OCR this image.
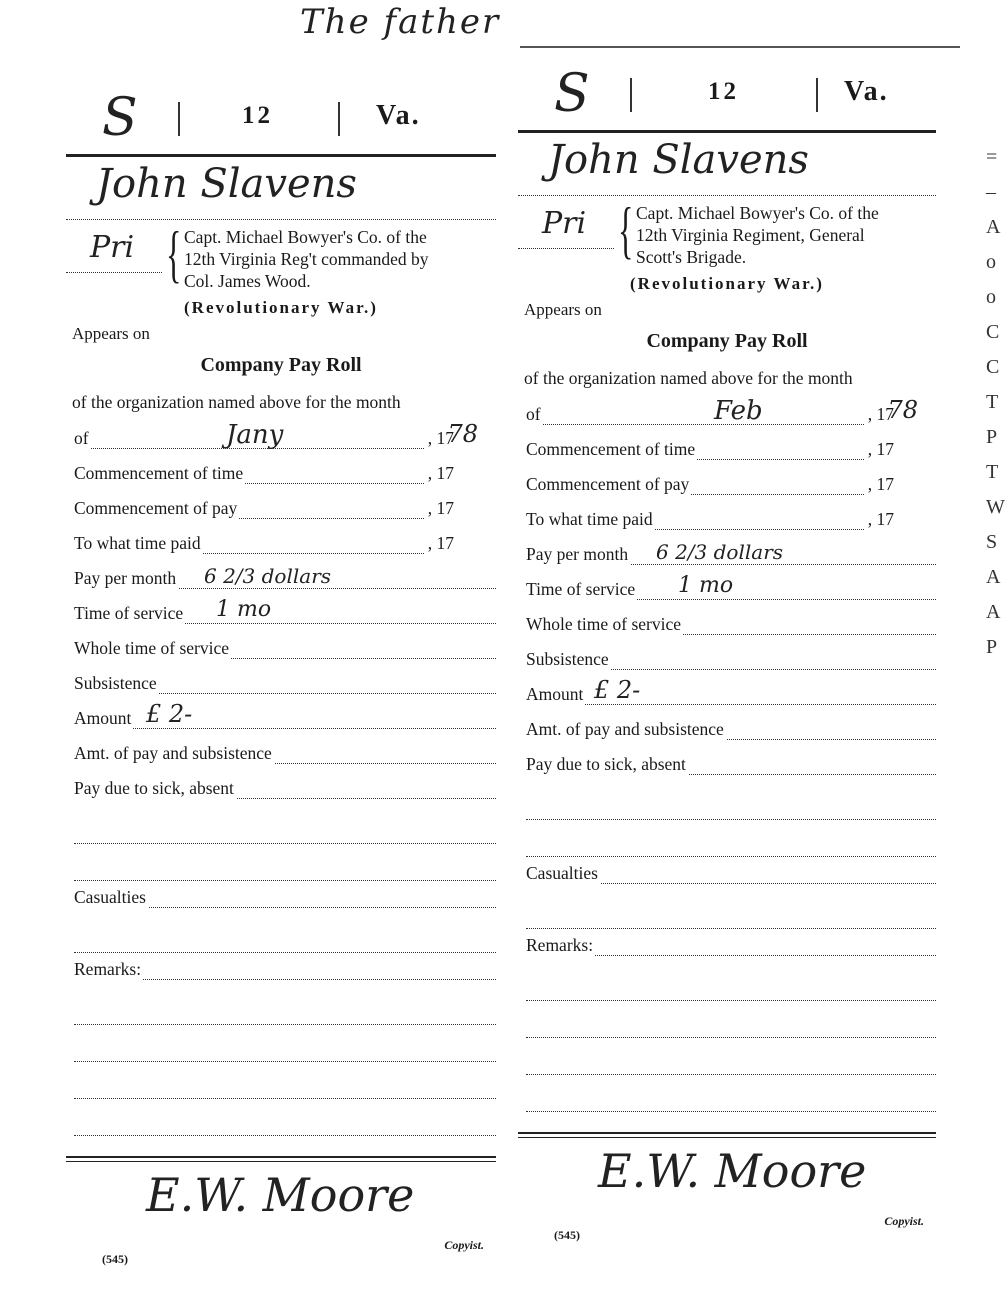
The father
S	12	Va.
John Slavens
Pri { Capt. Michael Bowyer's Co. of the
12th Virginia Reg't commanded by
Col. James Wood.
(Revolutionary War.)
Appears on
Company Pay Roll
of the organization named above for the month
of	Jany	, 17
78
Commencement of time	, 17
Commencement of pay	, 17
To what time paid	, 17
Pay per month 6 2/3 dollars
Time of service 1 mo
Whole time of service
Subsistence
Amount £ 2-
Amt. of pay and subsistence
Pay due to sick, absent
Casualties
Remarks:
E.W. Moore
(545)
Copyist.
S	12	Va.
John Slavens
Pri { Capt. Michael Bowyer's Co. of the
12th Virginia Regiment, General
Scott's Brigade.
(Revolutionary War.)
Appears on
Company Pay Roll
of the organization named above for the month
of	Feb	, 17
78
Commencement of time	, 17
Commencement of pay	, 17
To what time paid	, 17
Pay per month 6 2/3 dollars
Time of service 1 mo
Whole time of service
Subsistence
Amount £ 2-
Amt. of pay and subsistence
Pay due to sick, absent
Casualties
Remarks:
E.W. Moore
(545)
Copyist.
=
–
A
o
o
C
C
T
P
T
W
S
A
A
P
